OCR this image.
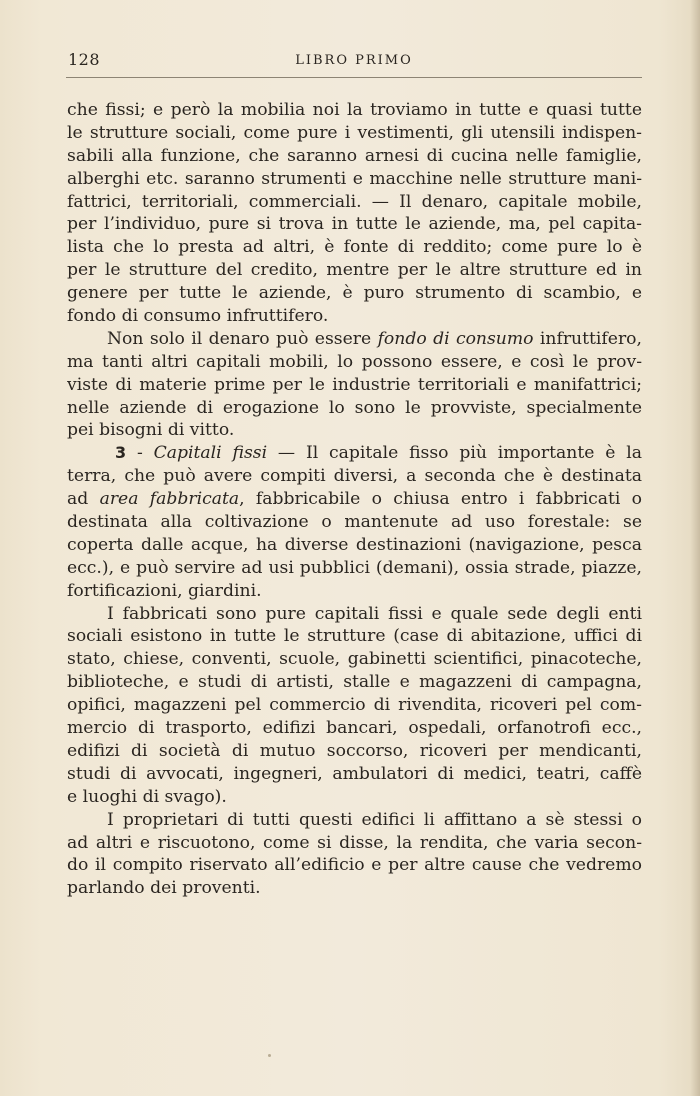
128	LIBRO PRIMO
che fissi; e però la mobilia noi la troviamo in tutte e quasi tutte
le strutture sociali, come pure i vestimenti, gli utensili indispen-
sabili alla funzione, che saranno arnesi di cucina nelle famiglie,
alberghi etc. saranno strumenti e macchine nelle strutture mani-
fattrici, territoriali, commerciali. — Il denaro, capitale mobile,
per l’individuo, pure si trova in tutte le aziende, ma, pel capita-
lista che lo presta ad altri, è fonte di reddito; come pure lo è
per le strutture del credito, mentre per le altre strutture ed in
genere per tutte le aziende, è puro strumento di scambio, e
fondo di consumo infruttifero.
Non solo il denaro può essere fondo di consumo infruttifero,
ma tanti altri capitali mobili, lo possono essere, e così le prov-
viste di materie prime per le industrie territoriali e manifattrici;
nelle aziende di erogazione lo sono le provviste, specialmente
pei bisogni di vitto.
3 - Capitali fissi — Il capitale fisso più importante è la
terra, che può avere compiti diversi, a seconda che è destinata
ad area fabbricata, fabbricabile o chiusa entro i fabbricati o
destinata alla coltivazione o mantenute ad uso forestale: se
coperta dalle acque, ha diverse destinazioni (navigazione, pesca
ecc.), e può servire ad usi pubblici (demani), ossia strade, piazze,
fortificazioni, giardini.
I fabbricati sono pure capitali fissi e quale sede degli enti
sociali esistono in tutte le strutture (case di abitazione, uffici di
stato, chiese, conventi, scuole, gabinetti scientifici, pinacoteche,
biblioteche, e studi di artisti, stalle e magazzeni di campagna,
opifici, magazzeni pel commercio di rivendita, ricoveri pel com-
mercio di trasporto, edifizi bancari, ospedali, orfanotrofi ecc.,
edifizi di società di mutuo soccorso, ricoveri per mendicanti,
studi di avvocati, ingegneri, ambulatori di medici, teatri, caffè
e luoghi di svago).
I proprietari di tutti questi edifici li affittano a sè stessi o
ad altri e riscuotono, come si disse, la rendita, che varia secon-
do il compito riservato all’edificio e per altre cause che vedremo
parlando dei proventi.
